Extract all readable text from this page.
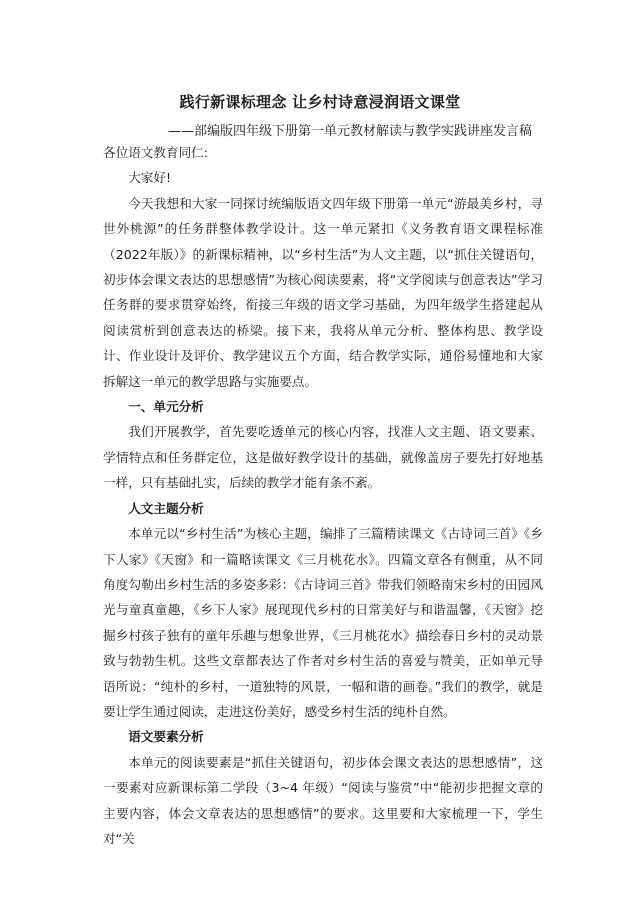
践行新课标理念 让乡村诗意浸润语文课堂
——部编版四年级下册第一单元教材解读与教学实践讲座发言稿

各位语文教育同仁:

大家好!

今天我想和大家一同探讨统编版语文四年级下册第一单元“游最美乡村，寻世外桃源”的任务群整体教学设计。这一单元紧扣《义务教育语文课程标准（2022年版）》的新课标精神，以“乡村生活”为人文主题，以“抓住关键语句，初步体会课文表达的思想感情”为核心阅读要素，将“文学阅读与创意表达”学习任务群的要求贯穿始终，衔接三年级的语文学习基础，为四年级学生搭建起从阅读赏析到创意表达的桥梁。接下来，我将从单元分析、整体构思、教学设计、作业设计及评价、教学建议五个方面，结合教学实际，通俗易懂地和大家拆解这一单元的教学思路与实施要点。

一、单元分析

我们开展教学，首先要吃透单元的核心内容，找准人文主题、语文要素、学情特点和任务群定位，这是做好教学设计的基础，就像盖房子要先打好地基一样，只有基础扎实，后续的教学才能有条不紊。

人文主题分析

本单元以“乡村生活”为核心主题，编排了三篇精读课文《古诗词三首》《乡下人家》《天窗》和一篇略读课文《三月桃花水》。四篇文章各有侧重，从不同角度勾勒出乡村生活的多姿多彩：《古诗词三首》带我们领略南宋乡村的田园风光与童真童趣，《乡下人家》展现现代乡村的日常美好与和谐温馨，《天窗》挖掘乡村孩子独有的童年乐趣与想象世界，《三月桃花水》描绘春日乡村的灵动景致与勃勃生机。这些文章都表达了作者对乡村生活的喜爱与赞美，正如单元导语所说：“纯朴的乡村，一道独特的风景，一幅和谐的画卷。”我们的教学，就是要让学生通过阅读，走进这份美好，感受乡村生活的纯朴自然。

语文要素分析

本单元的阅读要素是“抓住关键语句，初步体会课文表达的思想感情”，这一要素对应新课标第二学段（3~4 年级）“阅读与鉴赏”中“能初步把握文章的主要内容，体会文章表达的思想感情”的要求。这里要和大家梳理一下，学生对“关
